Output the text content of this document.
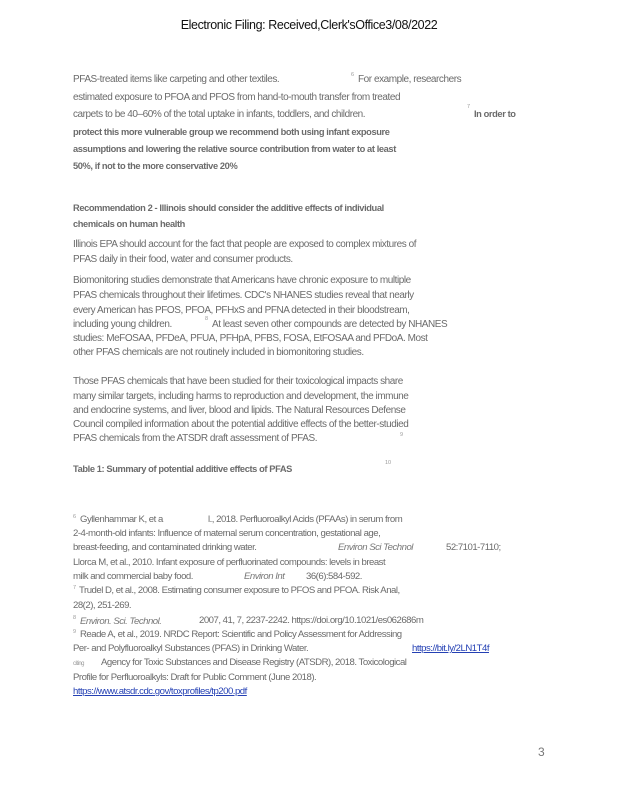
Electronic Filing: Received,Clerk'sOffice3/08/2022
PFAS-treated items like carpeting and other textiles.	6 For example, researchers
estimated exposure to PFOA and PFOS from hand-to-mouth transfer from treated
carpets to be 40–60% of the total uptake in infants, toddlers, and children.
7
In order to
protect this more vulnerable group we recommend both using infant exposure
assumptions and lowering the relative source contribution from water to at least
50%, if not to the more conservative 20%
Recommendation 2 - Illinois should consider the additive effects of individual
chemicals on human health
Illinois EPA should account for the fact that people are exposed to complex mixtures of
PFAS daily in their food, water and consumer products.
Biomonitoring studies demonstrate that Americans have chronic exposure to multiple
PFAS chemicals throughout their lifetimes. CDC's NHANES studies reveal that nearly
every American has PFOS, PFOA, PFHxS and PFNA detected in their bloodstream,
including young children.	8 At least seven other compounds are detected by NHANES
studies: MeFOSAA, PFDeA, PFUA, PFHpA, PFBS, FOSA, EtFOSAA and PFDoA. Most
other PFAS chemicals are not routinely included in biomonitoring studies.
Those PFAS chemicals that have been studied for their toxicological impacts share
many similar targets, including harms to reproduction and development, the immune
and endocrine systems, and liver, blood and lipids. The Natural Resources Defense
Council compiled information about the potential additive effects of the better-studied
PFAS chemicals from the ATSDR draft assessment of PFAS.	9
Table 1: Summary of potential additive effects of PFAS
10
6 Gyllenhammar K, et a	l., 2018. Perfluoroalkyl Acids (PFAAs) in serum from
2-4-month-old infants: Influence of maternal serum concentration, gestational age,
breast-feeding, and contaminated drinking water.	Environ Sci Technol	52:7101-7110;
Llorca M, et al., 2010. Infant exposure of perfluorinated compounds: levels in breast
milk and commercial baby food.	Environ Int 36(6):584-592.
7 Trudel D, et al., 2008. Estimating consumer exposure to PFOS and PFOA. Risk Anal,
28(2), 251-269.
8 Environ. Sci. Technol.	2007, 41, 7, 2237-2242. https://doi.org/10.1021/es062686m
9 Reade A, et al., 2019. NRDC Report: Scientific and Policy Assessment for Addressing
Per- and Polyfluoroalkyl Substances (PFAS) in Drinking Water.	https://bit.ly/2LN1T4f
citing Agency for Toxic Substances and Disease Registry (ATSDR), 2018. Toxicological
Profile for Perfluoroalkyls: Draft for Public Comment (June 2018).
https://www.atsdr.cdc.gov/toxprofiles/tp200.pdf
3
